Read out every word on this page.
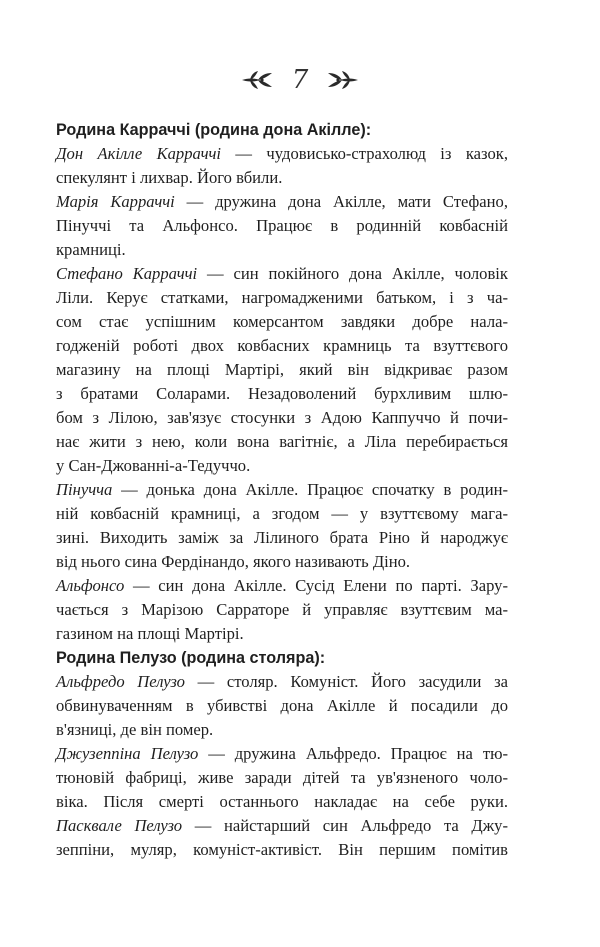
7

Родина Карраччі (родина дона Акілле):

Дон Акілле Карраччі — чудовисько-страхолюд із казок,
спекулянт і лихвар. Його вбили.
Марія Карраччі — дружина дона Акілле, мати Стефано,
Пінуччі та Альфонсо. Працює в родинній ковбасній
крамниці.
Стефано Карраччі — син покійного дона Акілле, чоловік
Ліли. Керує статками, нагромадженими батьком, і з ча-
сом стає успішним комерсантом завдяки добре нала-
годженій роботі двох ковбасних крамниць та взуттєвого
магазину на площі Мартірі, який він відкриває разом
з братами Соларами. Незадоволений бурхливим шлю-
бом з Лілою, зав'язує стосунки з Адою Каппуччо й почи-
нає жити з нею, коли вона вагітніє, а Ліла перебирається
у Сан-Джованні-а-Тедуччо.
Пінучча — донька дона Акілле. Працює спочатку в родин-
ній ковбасній крамниці, а згодом — у взуттєвому мага-
зині. Виходить заміж за Лілиного брата Ріно й народжує
від нього сина Фердінандо, якого називають Діно.
Альфонсо — син дона Акілле. Сусід Елени по парті. Зару-
чається з Марізою Сарраторе й управляє взуттєвим ма-
газином на площі Мартірі.

Родина Пелузо (родина столяра):

Альфредо Пелузо — столяр. Комуніст. Його засудили за
обвинуваченням в убивстві дона Акілле й посадили до
в'язниці, де він помер.
Джузеппіна Пелузо — дружина Альфредо. Працює на тю-
тюновій фабриці, живе заради дітей та ув'язненого чоло-
віка. Після смерті останнього накладає на себе руки.
Пасквале Пелузо — найстарший син Альфредо та Джу-
зеппіни, муляр, комуніст-активіст. Він першим помітив
